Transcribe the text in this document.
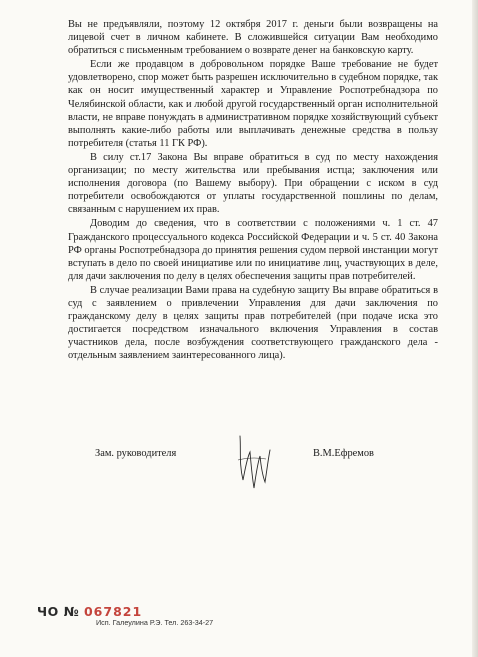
Вы не предъявляли, поэтому 12 октября 2017 г. деньги были возвращены на лицевой счет в личном кабинете. В сложившейся ситуации Вам необходимо обратиться с письменным требованием о возврате денег на банковскую карту.

Если же продавцом в добровольном порядке Ваше требование не будет удовлетворено, спор может быть разрешен исключительно в судебном порядке, так как он носит имущественный характер и Управление Роспотребнадзора по Челябинской области, как и любой другой государственный орган исполнительной власти, не вправе понуждать в административном порядке хозяйствующий субъект выполнять какие-либо работы или выплачивать денежные средства в пользу потребителя (статья 11 ГК РФ).

В силу ст.17 Закона Вы вправе обратиться в суд по месту нахождения организации; по месту жительства или пребывания истца; заключения или исполнения договора (по Вашему выбору). При обращении с иском в суд потребители освобождаются от уплаты государственной пошлины по делам, связанным с нарушением их прав.

Доводим до сведения, что в соответствии с положениями ч. 1 ст. 47 Гражданского процессуального кодекса Российской Федерации и ч. 5 ст. 40 Закона РФ органы Роспотребнадзора до принятия решения судом первой инстанции могут вступать в дело по своей инициативе или по инициативе лиц, участвующих в деле, для дачи заключения по делу в целях обеспечения защиты прав потребителей.

В случае реализации Вами права на судебную защиту Вы вправе обратиться в суд с заявлением о привлечении Управления для дачи заключения по гражданскому делу в целях защиты прав потребителей (при подаче иска это достигается посредством изначального включения Управления в состав участников дела, после возбуждения соответствующего гражданского дела - отдельным заявлением заинтересованного лица).

Зам. руководителя	В.М.Ефремов
ЧО № 067821
Исп. Галеулина Р.Э. Тел. 263-34-27
